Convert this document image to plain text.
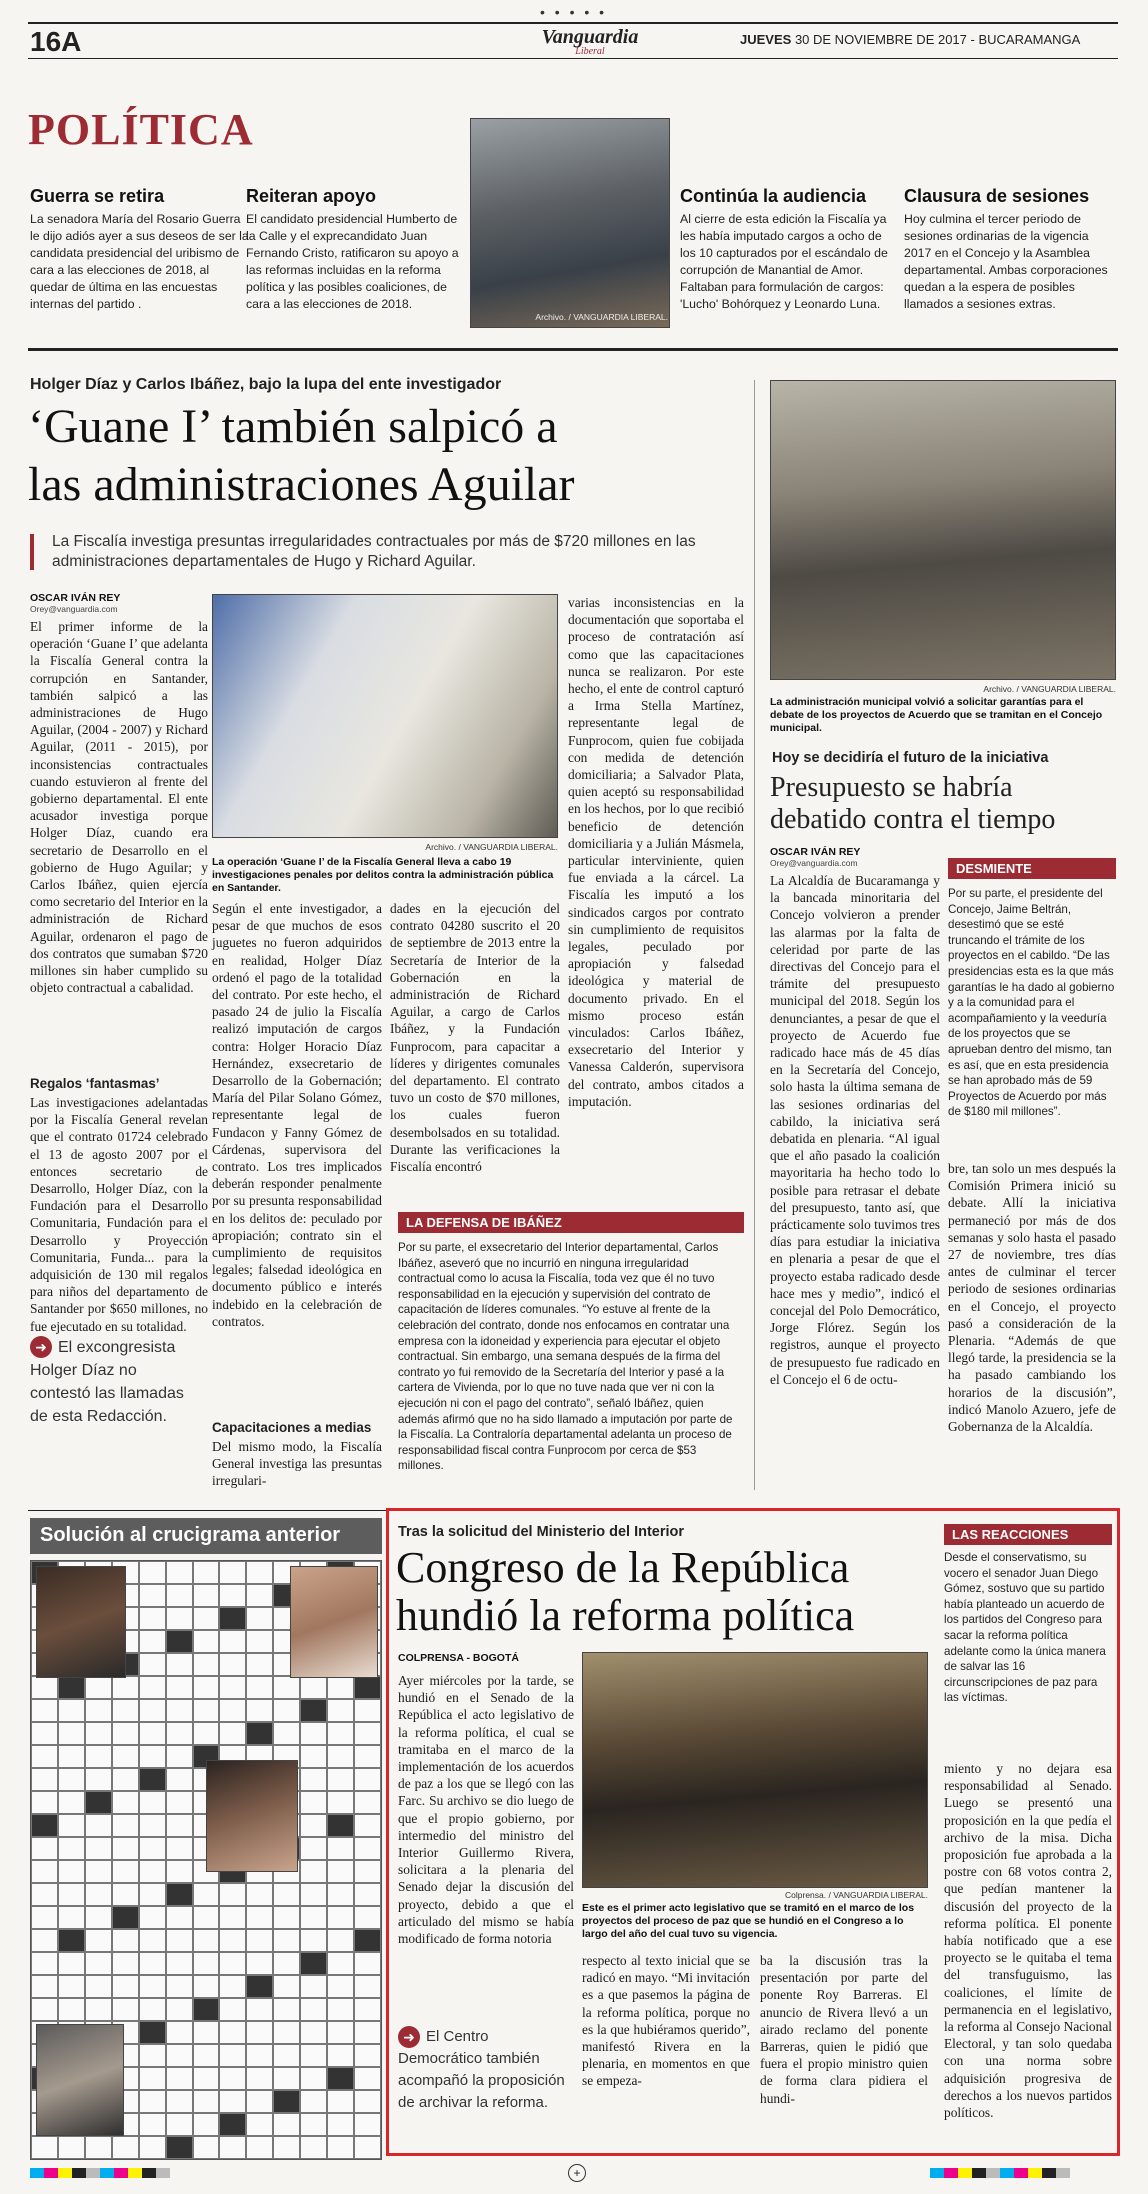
• • • • •
16A	Vanguardia
Liberal
JUEVES 30 DE NOVIEMBRE DE 2017 - BUCARAMANGA
POLÍTICA
Guerra se retira
La senadora María del Rosario Guerra le dijo adiós ayer a sus deseos de ser la candidata presidencial del uribismo de cara a las elecciones de 2018, al quedar de última en las encuestas internas del partido .
Reiteran apoyo
El candidato presidencial Humberto de la Calle y el exprecandidato Juan Fernando Cristo, ratificaron su apoyo a las reformas incluidas en la reforma política y las posibles coaliciones, de cara a las elecciones de 2018.
Archivo. / VANGUARDIA LIBERAL.
Continúa la audiencia
Al cierre de esta edición la Fiscalía ya les había imputado cargos a ocho de los 10 capturados por el escándalo de corrupción de Manantial de Amor. Faltaban para formulación de cargos: 'Lucho' Bohórquez y Leonardo Luna.
Clausura de sesiones
Hoy culmina el tercer periodo de sesiones ordinarias de la vigencia 2017 en el Concejo y la Asamblea departamental. Ambas corporaciones quedan a la espera de posibles llamados a sesiones extras.
Holger Díaz y Carlos Ibáñez, bajo la lupa del ente investigador
‘Guane I’ también salpicó a
las administraciones Aguilar
La Fiscalía investiga presuntas irregularidades contractuales por más de $720 millones en las administraciones departamentales de Hugo y Richard Aguilar.
OSCAR IVÁN REY
Orey@vanguardia.com
El primer informe de la operación ‘Guane I’ que adelanta la Fiscalía General contra la corrupción en Santander, también salpicó a las administraciones de Hugo Aguilar, (2004 - 2007) y Richard Aguilar, (2011 - 2015), por inconsistencias contractuales cuando estuvieron al frente del gobierno departamental. El ente acusador investiga porque Holger Díaz, cuando era secretario de Desarrollo en el gobierno de Hugo Aguilar; y Carlos Ibáñez, quien ejercía como secretario del Interior en la administración de Richard Aguilar, ordenaron el pago de dos contratos que sumaban $720 millones sin haber cumplido su objeto contractual a cabalidad.
Regalos ‘fantasmas’
Las investigaciones adelantadas por la Fiscalía General revelan que el contrato 01724 celebrado el 13 de agosto 2007 por el entonces secretario de Desarrollo, Holger Díaz, con la Fundación para el Desarrollo Comunitaria, Fundación para el Desarrollo y Proyección Comunitaria, Funda... para la adquisición de 130 mil regalos para niños del departamento de Santander por $650 millones, no fue ejecutado en su totalidad.
➜ El excongresista Holger Díaz no contestó las llamadas de esta Redacción.
Archivo. / VANGUARDIA LIBERAL.
La operación ‘Guane I’ de la Fiscalía General lleva a cabo 19 investigaciones penales por delitos contra la administración pública en Santander.
Según el ente investigador, a pesar de que muchos de esos juguetes no fueron adquiridos en realidad, Holger Díaz ordenó el pago de la totalidad del contrato. Por este hecho, el pasado 24 de julio la Fiscalía realizó imputación de cargos contra: Holger Horacio Díaz Hernández, exsecretario de Desarrollo de la Gobernación; María del Pilar Solano Gómez, representante legal de Fundacon y Fanny Gómez de Cárdenas, supervisora del contrato. Los tres implicados deberán responder penalmente por su presunta responsabilidad en los delitos de: peculado por apropiación; contrato sin el cumplimiento de requisitos legales; falsedad ideológica en documento público e interés indebido en la celebración de contratos.
Capacitaciones a medias
Del mismo modo, la Fiscalía General investiga las presuntas irregulari-
dades en la ejecución del contrato 04280 suscrito el 20 de septiembre de 2013 entre la Secretaría de Interior de la Gobernación en la administración de Richard Aguilar, a cargo de Carlos Ibáñez, y la Fundación Funprocom, para capacitar a líderes y dirigentes comunales del departamento. El contrato tuvo un costo de $70 millones, los cuales fueron desembolsados en su totalidad. Durante las verificaciones la Fiscalía encontró
varias inconsistencias en la documentación que soportaba el proceso de contratación así como que las capacitaciones nunca se realizaron. Por este hecho, el ente de control capturó a Irma Stella Martínez, representante legal de Funprocom, quien fue cobijada con medida de detención domiciliaria; a Salvador Plata, quien aceptó su responsabilidad en los hechos, por lo que recibió beneficio de detención domiciliaria y a Julián Másmela, particular interviniente, quien fue enviada a la cárcel. La Fiscalía les imputó a los sindicados cargos por contrato sin cumplimiento de requisitos legales, peculado por apropiación y falsedad ideológica y material de documento privado. En el mismo proceso están vinculados: Carlos Ibáñez, exsecretario del Interior y Vanessa Calderón, supervisora del contrato, ambos citados a imputación.
LA DEFENSA DE IBÁÑEZ
Por su parte, el exsecretario del Interior departamental, Carlos Ibáñez, aseveró que no incurrió en ninguna irregularidad contractual como lo acusa la Fiscalía, toda vez que él no tuvo responsabilidad en la ejecución y supervisión del contrato de capacitación de líderes comunales. “Yo estuve al frente de la celebración del contrato, donde nos enfocamos en contratar una empresa con la idoneidad y experiencia para ejecutar el objeto contractual. Sin embargo, una semana después de la firma del contrato yo fui removido de la Secretaría del Interior y pasé a la cartera de Vivienda, por lo que no tuve nada que ver ni con la ejecución ni con el pago del contrato”, señaló Ibáñez, quien además afirmó que no ha sido llamado a imputación por parte de la Fiscalía. La Contraloría departamental adelanta un proceso de responsabilidad fiscal contra Funprocom por cerca de $53 millones.
Archivo. / VANGUARDIA LIBERAL.
La administración municipal volvió a solicitar garantías para el debate de los proyectos de Acuerdo que se tramitan en el Concejo municipal.
Hoy se decidiría el futuro de la iniciativa
Presupuesto se habría debatido contra el tiempo
OSCAR IVÁN REY
Orey@vanguardia.com
La Alcaldía de Bucaramanga y la bancada minoritaria del Concejo volvieron a prender las alarmas por la falta de celeridad por parte de las directivas del Concejo para el trámite del presupuesto municipal del 2018. Según los denunciantes, a pesar de que el proyecto de Acuerdo fue radicado hace más de 45 días en la Secretaría del Concejo, solo hasta la última semana de las sesiones ordinarias del cabildo, la iniciativa será debatida en plenaria. “Al igual que el año pasado la coalición mayoritaria ha hecho todo lo posible para retrasar el debate del presupuesto, tanto así, que prácticamente solo tuvimos tres días para estudiar la iniciativa en plenaria a pesar de que el proyecto estaba radicado desde hace mes y medio”, indicó el concejal del Polo Democrático, Jorge Flórez. Según los registros, aunque el proyecto de presupuesto fue radicado en el Concejo el 6 de octu-
DESMIENTE
Por su parte, el presidente del Concejo, Jaime Beltrán, desestimó que se esté truncando el trámite de los proyectos en el cabildo. “De las presidencias esta es la que más garantías le ha dado al gobierno y a la comunidad para el acompañamiento y la veeduría de los proyectos que se aprueban dentro del mismo, tan es así, que en esta presidencia se han aprobado más de 59 Proyectos de Acuerdo por más de $180 mil millones”.
bre, tan solo un mes después la Comisión Primera inició su debate. Allí la iniciativa permaneció por más de dos semanas y solo hasta el pasado 27 de noviembre, tres días antes de culminar el tercer periodo de sesiones ordinarias en el Concejo, el proyecto pasó a consideración de la Plenaria. “Además de que llegó tarde, la presidencia se la ha pasado cambiando los horarios de la discusión”, indicó Manolo Azuero, jefe de Gobernanza de la Alcaldía.
Solución al crucigrama anterior	Tras la solicitud del Ministerio del Interior
Congreso de la República
hundió la reforma política
COLPRENSA - BOGOTÁ
Ayer miércoles por la tarde, se hundió en el Senado de la República el acto legislativo de la reforma política, el cual se tramitaba en el marco de la implementación de los acuerdos de paz a los que se llegó con las Farc. Su archivo se dio luego de que el propio gobierno, por intermedio del ministro del Interior Guillermo Rivera, solicitara a la plenaria del Senado dejar la discusión del proyecto, debido a que el articulado del mismo se había modificado de forma notoria
➜ El Centro Democrático también acompañó la proposición de archivar la reforma.
Colprensa. / VANGUARDIA LIBERAL.
Este es el primer acto legislativo que se tramitó en el marco de los proyectos del proceso de paz que se hundió en el Congreso a lo largo del año del cual tuvo su vigencia.
respecto al texto inicial que se radicó en mayo. “Mi invitación es a que pasemos la página de la reforma política, porque no es la que hubiéramos querido”, manifestó Rivera en la plenaria, en momentos en que se empeza-
ba la discusión tras la presentación por parte del ponente Roy Barreras. El anuncio de Rivera llevó a un airado reclamo del ponente Barreras, quien le pidió que fuera el propio ministro quien de forma clara pidiera el hundi-
LAS REACCIONES
Desde el conservatismo, su vocero el senador Juan Diego Gómez, sostuvo que su partido había planteado un acuerdo de los partidos del Congreso para sacar la reforma política adelante como la única manera de salvar las 16 circunscripciones de paz para las víctimas.
miento y no dejara esa responsabilidad al Senado. Luego se presentó una proposición en la que pedía el archivo de la misa. Dicha proposición fue aprobada a la postre con 68 votos contra 2, que pedían mantener la discusión del proyecto de la reforma política. El ponente había notificado que a ese proyecto se le quitaba el tema del transfuguismo, las coaliciones, el límite de permanencia en el legislativo, la reforma al Consejo Nacional Electoral, y tan solo quedaba con una norma sobre adquisición progresiva de derechos a los nuevos partidos políticos.
+
